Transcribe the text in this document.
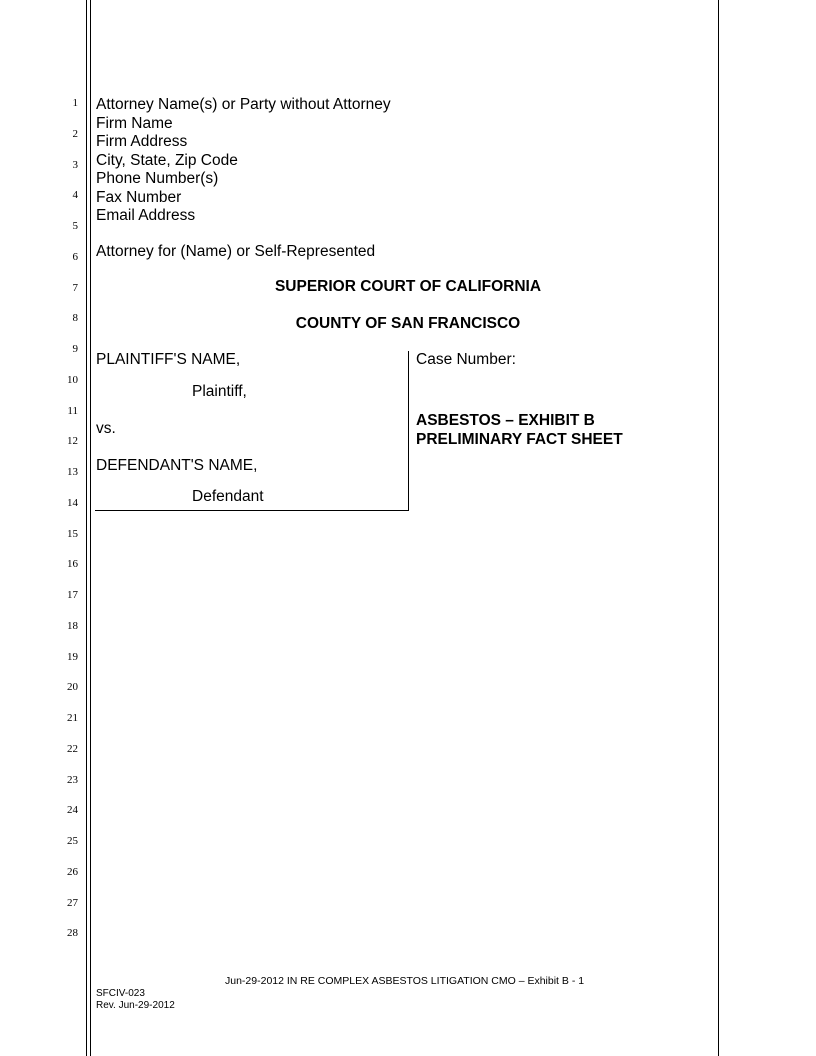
1
2
3
4
5
6
7
8
9
10
11
12
13
14
15
16
17
18
19
20
21
22
23
24
25
26
27
28
Attorney Name(s) or Party without Attorney
Firm Name
Firm Address
City, State, Zip Code
Phone Number(s)
Fax Number
Email Address
Attorney for (Name) or Self-Represented
SUPERIOR COURT OF CALIFORNIA
COUNTY OF SAN FRANCISCO
PLAINTIFF'S NAME,
Plaintiff,
vs.
DEFENDANT'S NAME,
Defendant
Case Number:
ASBESTOS – EXHIBIT B
PRELIMINARY FACT SHEET
Jun-29-2012 IN RE COMPLEX ASBESTOS LITIGATION CMO – Exhibit B - 1
SFCIV-023
Rev. Jun-29-2012
